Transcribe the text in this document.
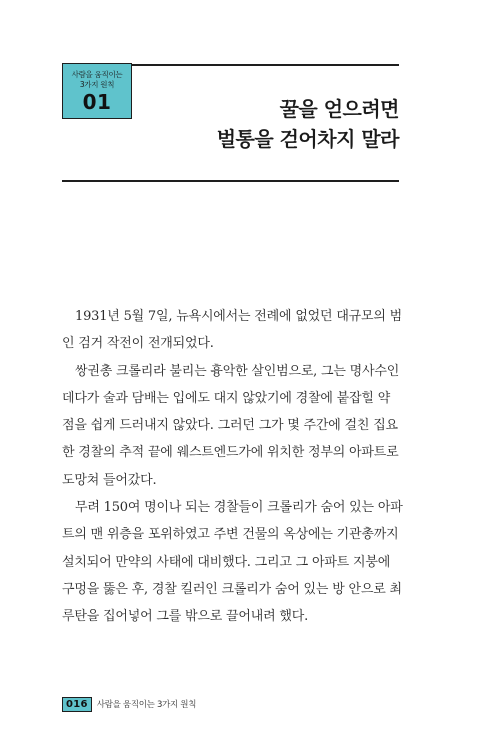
사람을 움직이는
3가지 원칙
01	꿀을 얻으려면
벌통을 걷어차지 말라
1931년 5월 7일, 뉴욕시에서는 전례에 없었던 대규모의 범
인 검거 작전이 전개되었다.
쌍권총 크롤리라 불리는 흉악한 살인범으로, 그는 명사수인
데다가 술과 담배는 입에도 대지 않았기에 경찰에 붙잡힐 약
점을 쉽게 드러내지 않았다. 그러던 그가 몇 주간에 걸친 집요
한 경찰의 추적 끝에 웨스트엔드가에 위치한 정부의 아파트로
도망쳐 들어갔다.
무려 150여 명이나 되는 경찰들이 크롤리가 숨어 있는 아파
트의 맨 위층을 포위하였고 주변 건물의 옥상에는 기관총까지
설치되어 만약의 사태에 대비했다. 그리고 그 아파트 지붕에
구멍을 뚫은 후, 경찰 킬러인 크롤리가 숨어 있는 방 안으로 최
루탄을 집어넣어 그를 밖으로 끌어내려 했다.
016	사람을 움직이는 3가지 원칙
